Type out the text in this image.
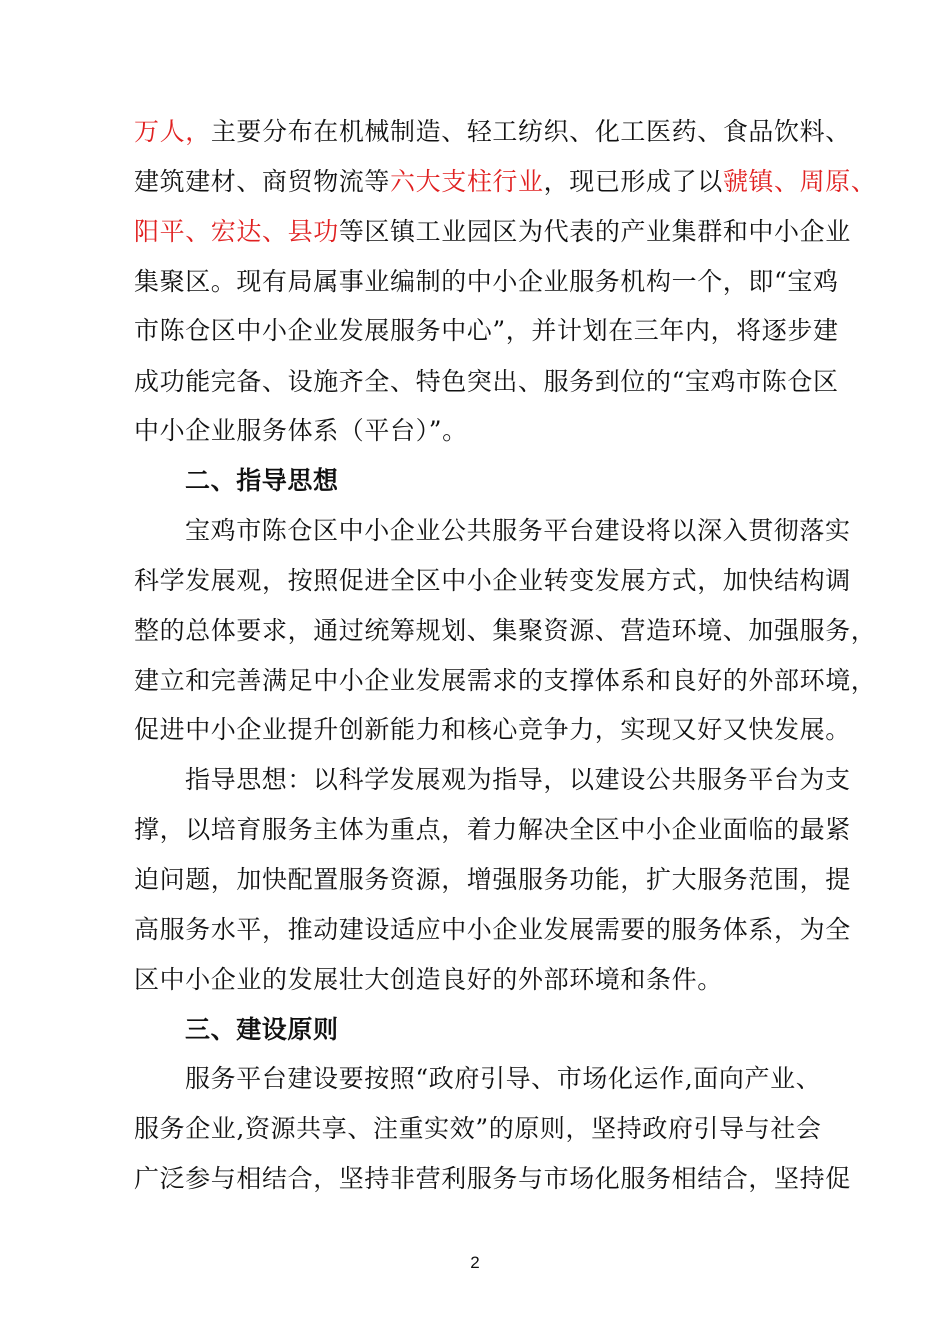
万人，主要分布在机械制造、轻工纺织、化工医药、食品饮料、
建筑建材、商贸物流等六大支柱行业，现已形成了以虢镇、周原、
阳平、宏达、县功等区镇工业园区为代表的产业集群和中小企业
集聚区。现有局属事业编制的中小企业服务机构一个，即“宝鸡
市陈仓区中小企业发展服务中心”，并计划在三年内，将逐步建
成功能完备、设施齐全、特色突出、服务到位的“宝鸡市陈仓区
中小企业服务体系（平台）”。
二、指导思想
宝鸡市陈仓区中小企业公共服务平台建设将以深入贯彻落实
科学发展观，按照促进全区中小企业转变发展方式，加快结构调
整的总体要求，通过统筹规划、集聚资源、营造环境、加强服务，
建立和完善满足中小企业发展需求的支撑体系和良好的外部环境，
促进中小企业提升创新能力和核心竞争力，实现又好又快发展。
指导思想：以科学发展观为指导，以建设公共服务平台为支
撑，以培育服务主体为重点，着力解决全区中小企业面临的最紧
迫问题，加快配置服务资源，增强服务功能，扩大服务范围，提
高服务水平，推动建设适应中小企业发展需要的服务体系，为全
区中小企业的发展壮大创造良好的外部环境和条件。
三、建设原则
服务平台建设要按照“政府引导、市场化运作,面向产业、
服务企业,资源共享、注重实效”的原则，坚持政府引导与社会
广泛参与相结合，坚持非营利服务与市场化服务相结合，坚持促
2
